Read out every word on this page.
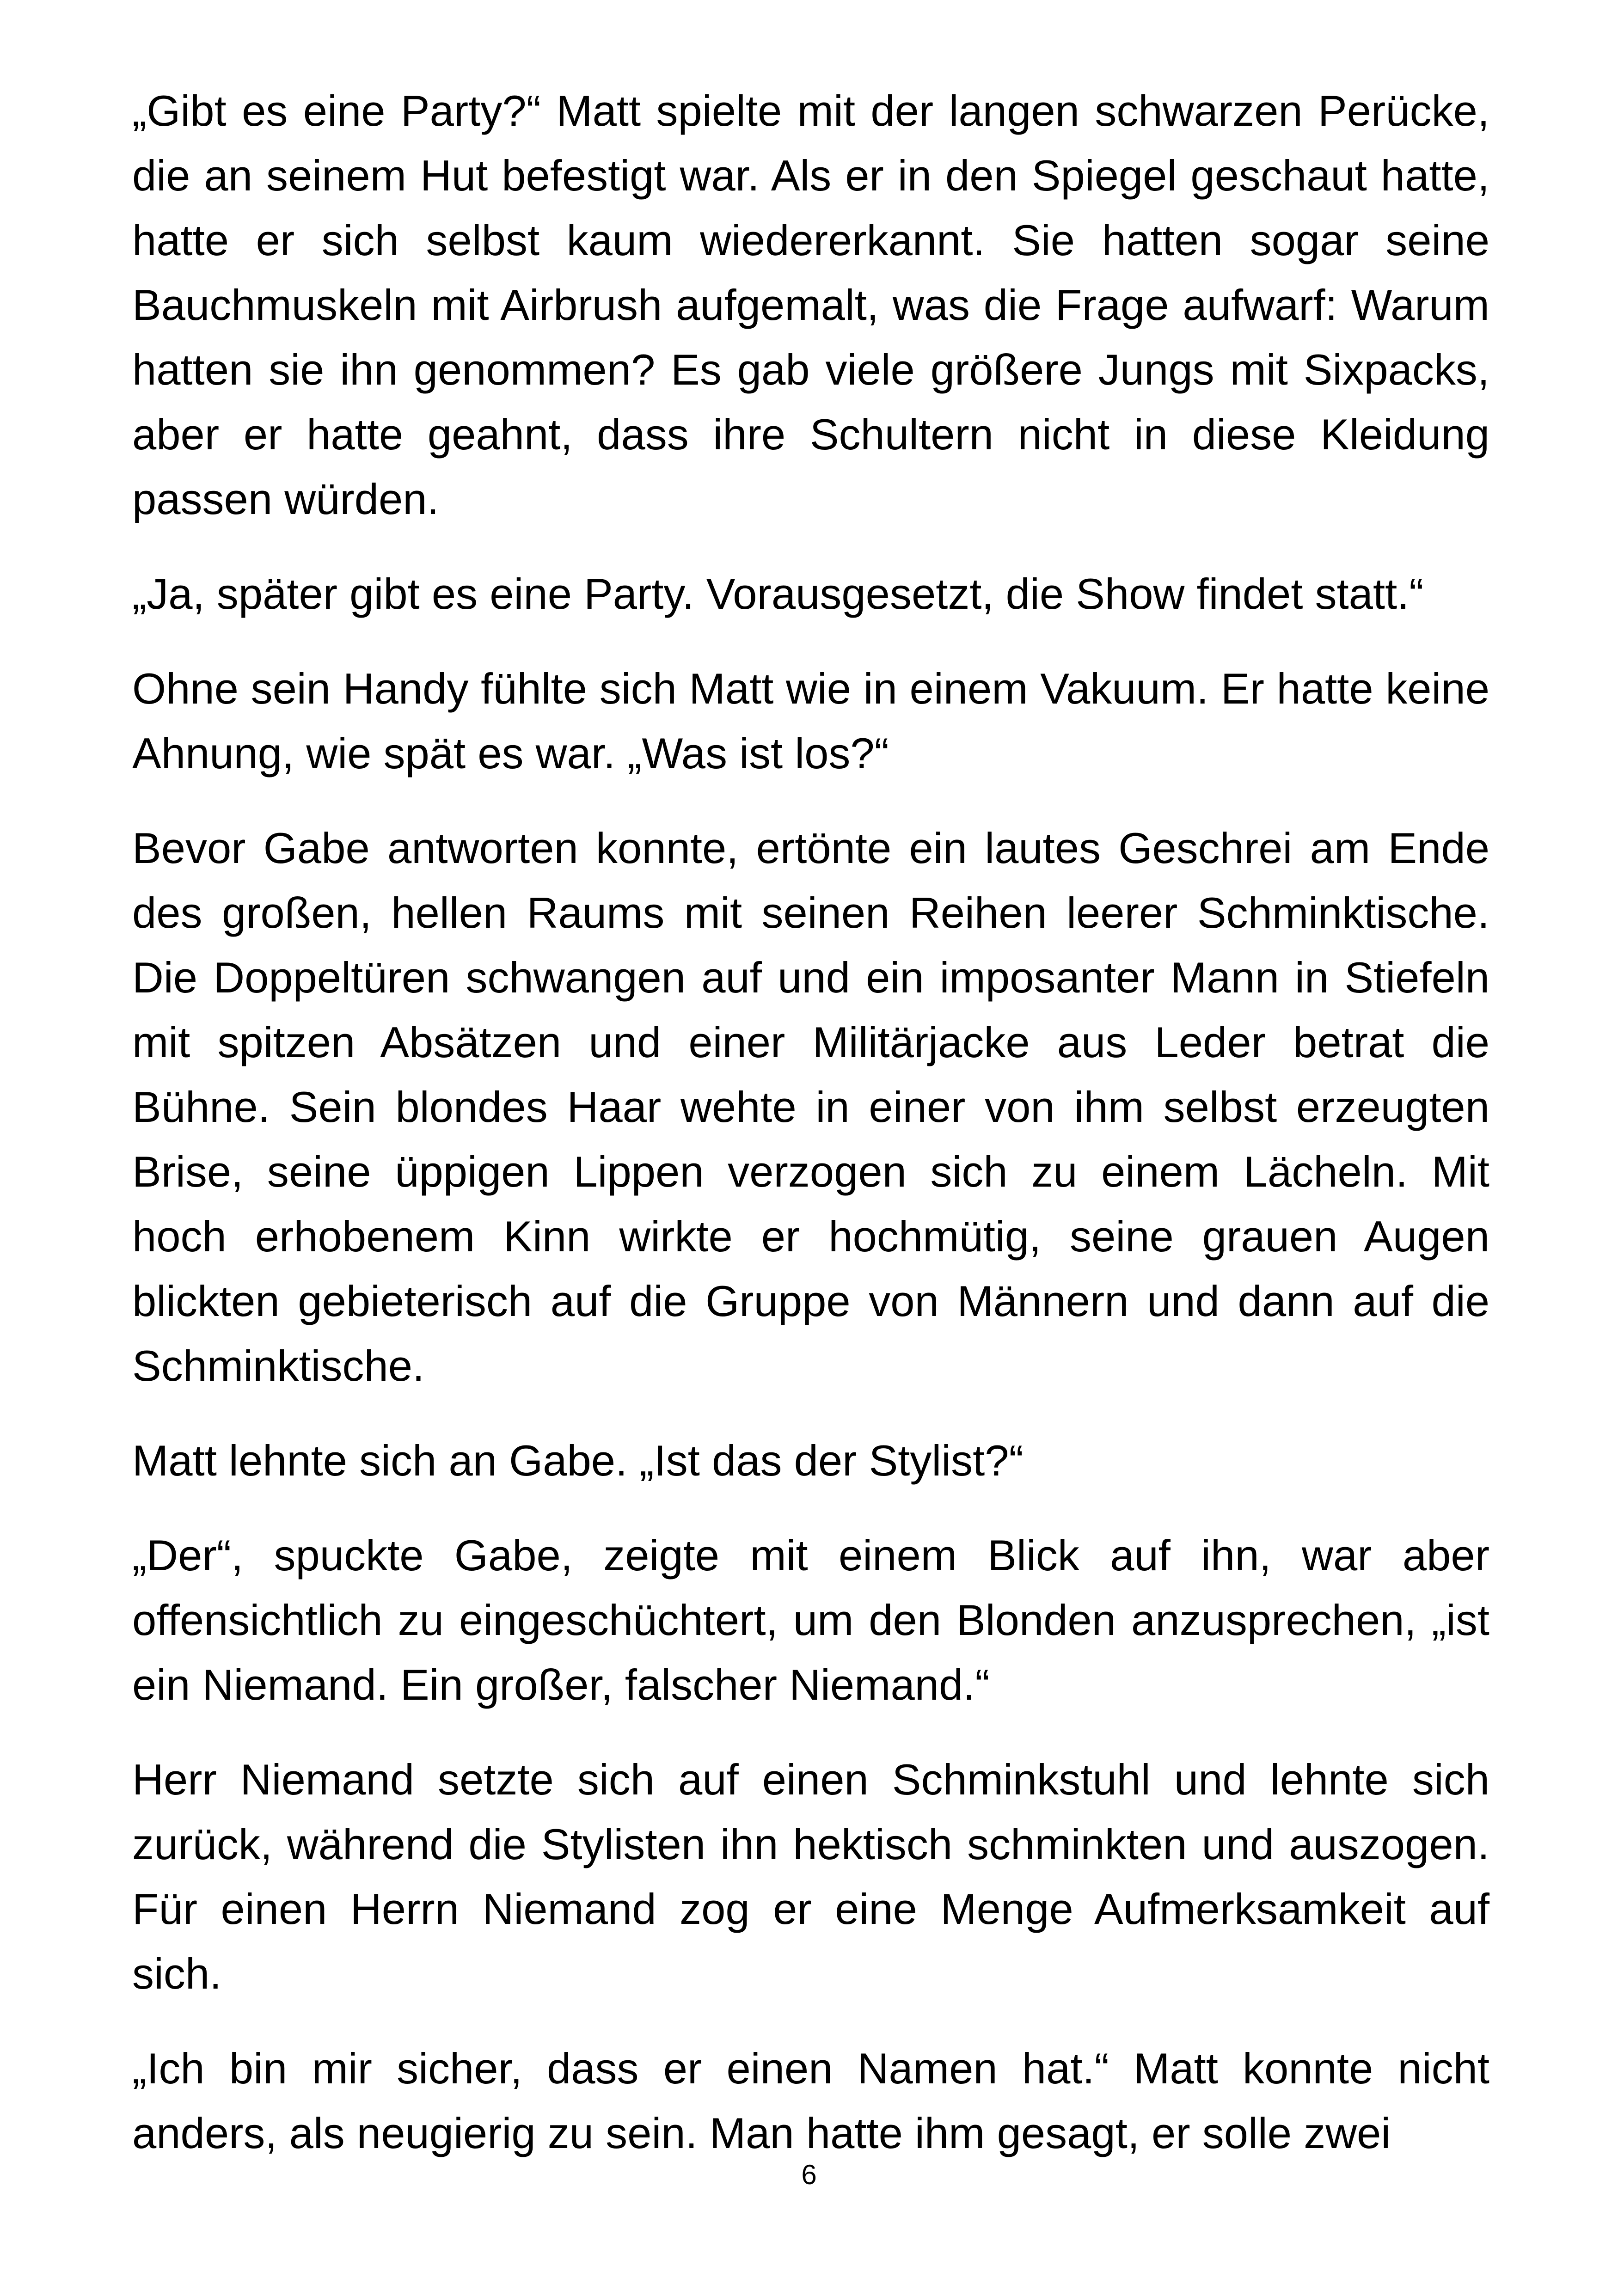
„Gibt es eine Party?“ Matt spielte mit der langen schwarzen Perücke, die an seinem Hut befestigt war. Als er in den Spiegel geschaut hatte, hatte er sich selbst kaum wiedererkannt. Sie hatten sogar seine Bauchmuskeln mit Airbrush aufgemalt, was die Frage aufwarf: Warum hatten sie ihn genommen? Es gab viele größere Jungs mit Sixpacks, aber er hatte geahnt, dass ihre Schultern nicht in diese Kleidung passen würden.

„Ja, später gibt es eine Party. Vorausgesetzt, die Show findet statt.“

Ohne sein Handy fühlte sich Matt wie in einem Vakuum. Er hatte keine Ahnung, wie spät es war. „Was ist los?“

Bevor Gabe antworten konnte, ertönte ein lautes Geschrei am Ende des großen, hellen Raums mit seinen Reihen leerer Schminktische. Die Doppeltüren schwangen auf und ein imposanter Mann in Stiefeln mit spitzen Absätzen und einer Militärjacke aus Leder betrat die Bühne. Sein blondes Haar wehte in einer von ihm selbst erzeugten Brise, seine üppigen Lippen verzogen sich zu einem Lächeln. Mit hoch erhobenem Kinn wirkte er hochmütig, seine grauen Augen blickten gebieterisch auf die Gruppe von Männern und dann auf die Schminktische.

Matt lehnte sich an Gabe. „Ist das der Stylist?“

„Der“, spuckte Gabe, zeigte mit einem Blick auf ihn, war aber offensichtlich zu eingeschüchtert, um den Blonden anzusprechen, „ist ein Niemand. Ein großer, falscher Niemand.“

Herr Niemand setzte sich auf einen Schminkstuhl und lehnte sich zurück, während die Stylisten ihn hektisch schminkten und auszogen. Für einen Herrn Niemand zog er eine Menge Aufmerksamkeit auf sich.

„Ich bin mir sicher, dass er einen Namen hat.“ Matt konnte nicht anders, als neugierig zu sein. Man hatte ihm gesagt, er solle zwei

6
